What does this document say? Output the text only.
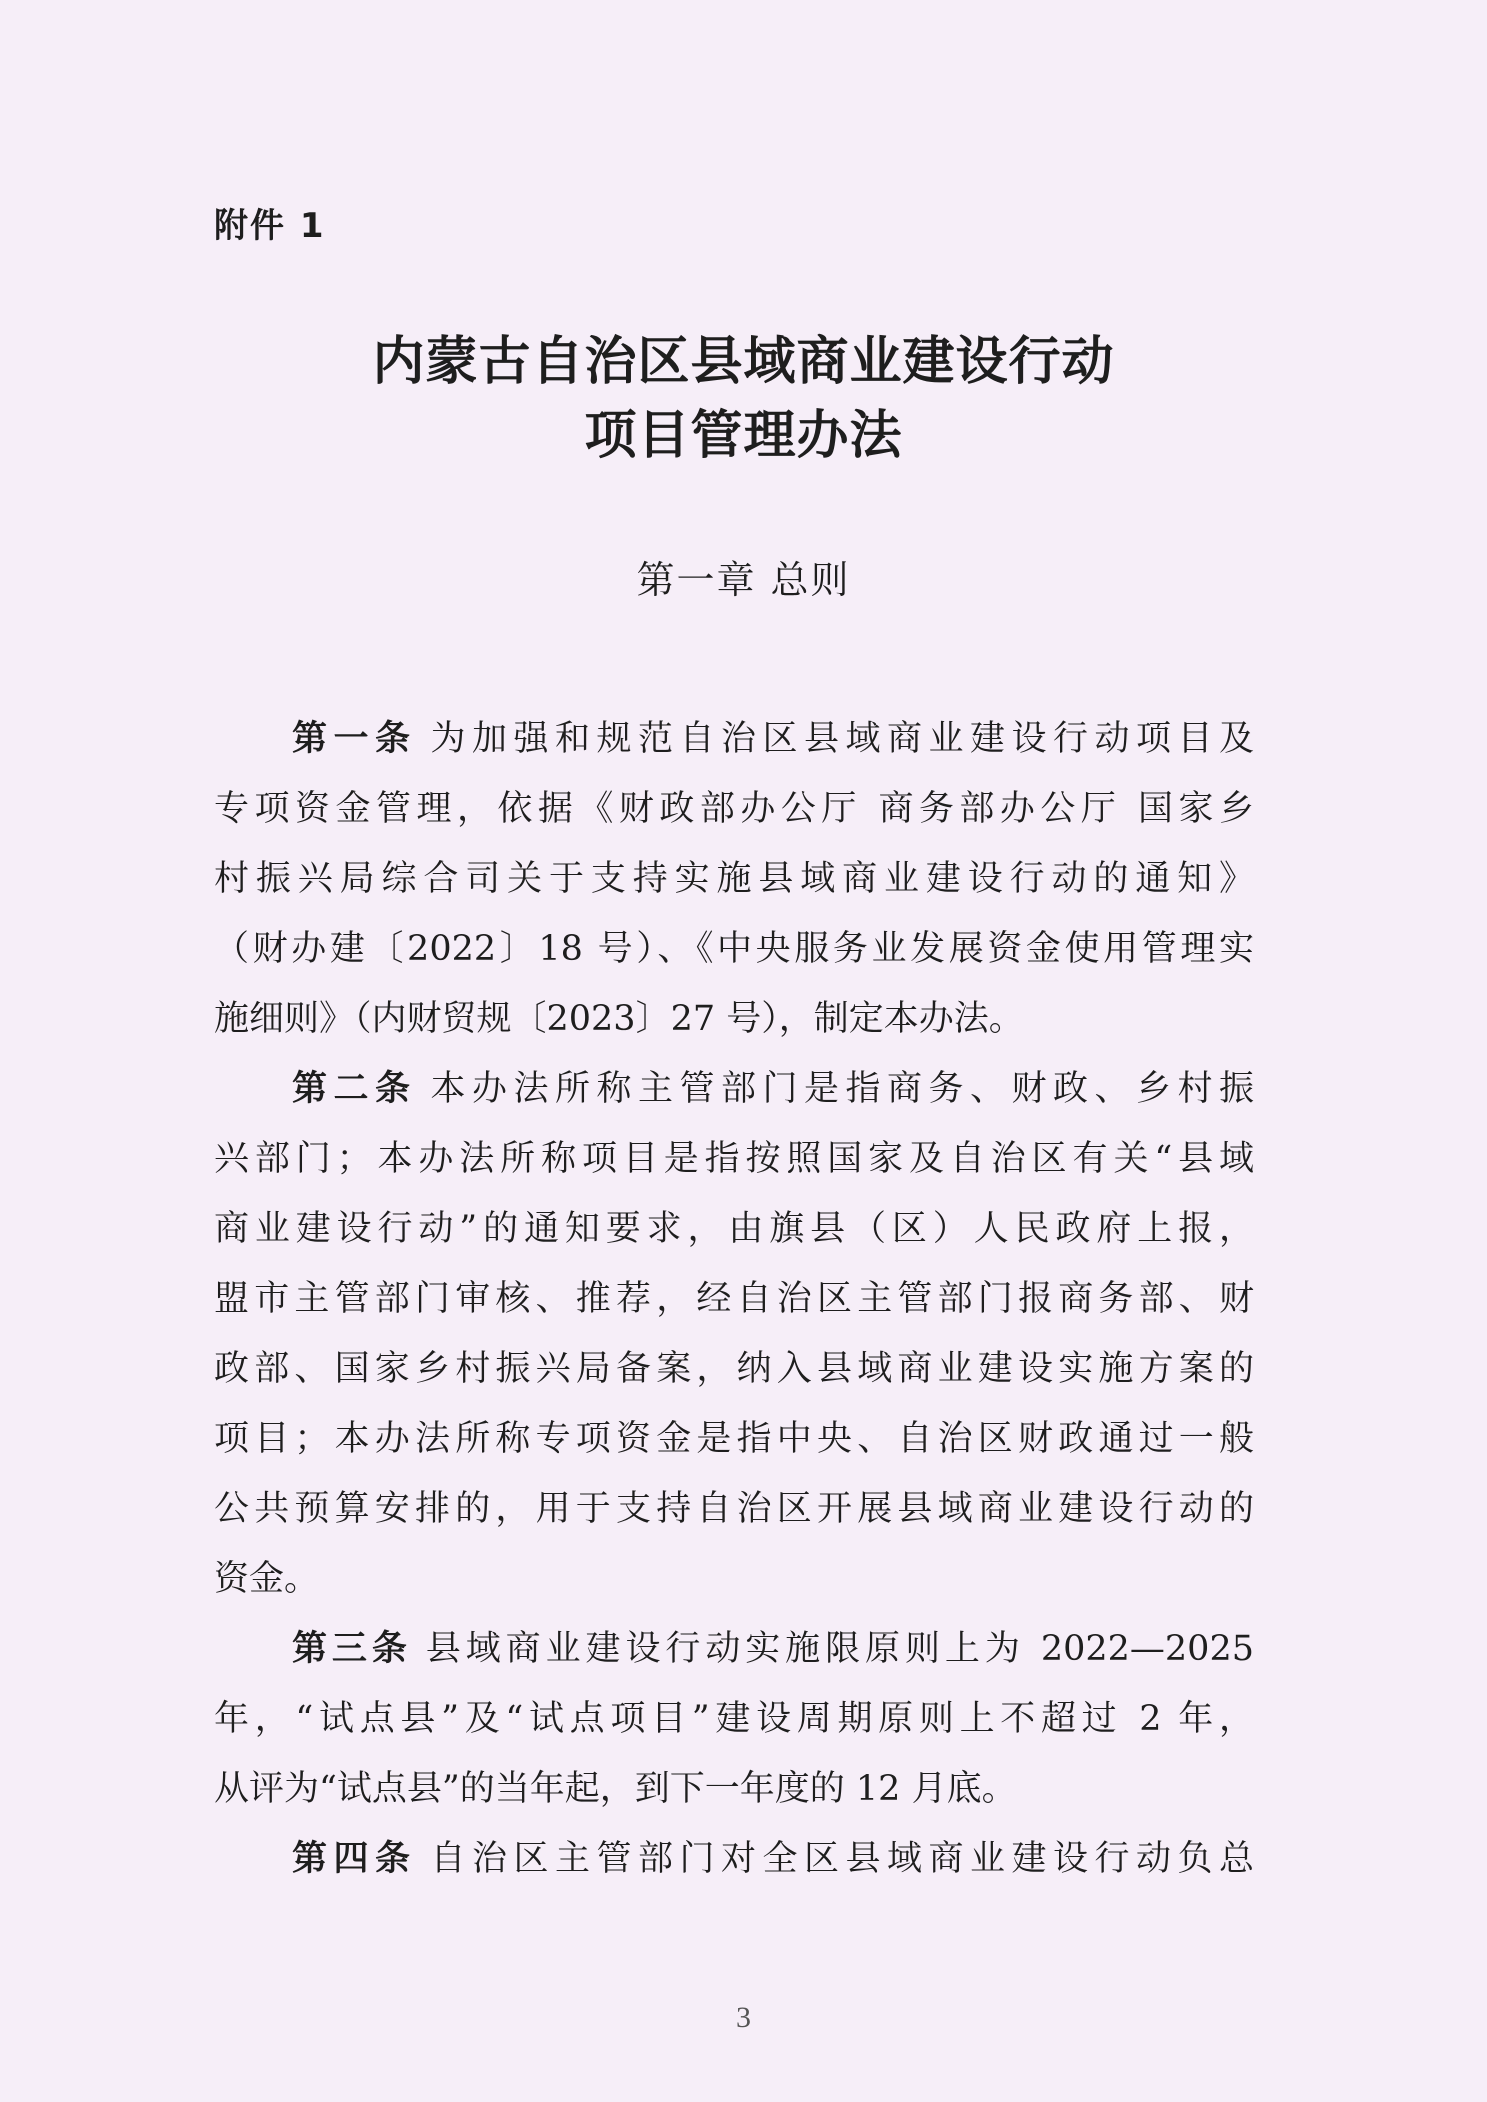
附件 1
内蒙古自治区县域商业建设行动
项目管理办法
第一章 总则
第一条 为加强和规范自治区县域商业建设行动项目及
专项资金管理，依据《财政部办公厅 商务部办公厅 国家乡
村振兴局综合司关于支持实施县域商业建设行动的通知》
（财办建〔2022〕18 号）、《中央服务业发展资金使用管理实
施细则》（内财贸规〔2023〕27 号），制定本办法。
第二条 本办法所称主管部门是指商务、财政、乡村振
兴部门；本办法所称项目是指按照国家及自治区有关“县域
商业建设行动”的通知要求，由旗县（区）人民政府上报，
盟市主管部门审核、推荐，经自治区主管部门报商务部、财
政部、国家乡村振兴局备案，纳入县域商业建设实施方案的
项目；本办法所称专项资金是指中央、自治区财政通过一般
公共预算安排的，用于支持自治区开展县域商业建设行动的
资金。
第三条 县域商业建设行动实施限原则上为 2022—2025
年，“试点县”及“试点项目”建设周期原则上不超过 2 年，
从评为“试点县”的当年起，到下一年度的 12 月底。
第四条 自治区主管部门对全区县域商业建设行动负总
3
